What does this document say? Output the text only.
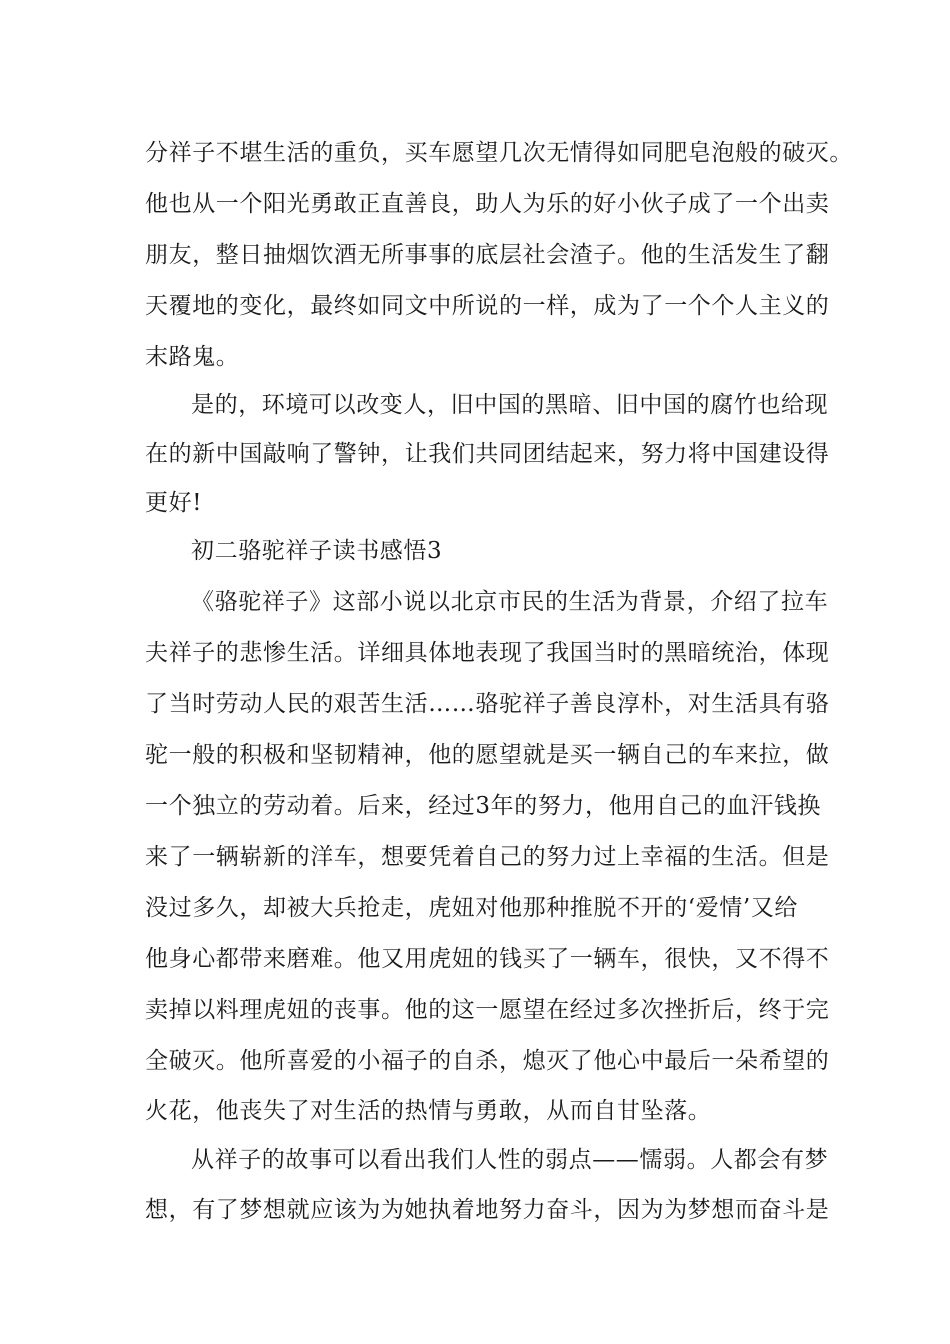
分祥子不堪生活的重负，买车愿望几次无情得如同肥皂泡般的破灭。
他也从一个阳光勇敢正直善良，助人为乐的好小伙子成了一个出卖
朋友，整日抽烟饮酒无所事事的底层社会渣子。他的生活发生了翻
天覆地的变化，最终如同文中所说的一样，成为了一个个人主义的
末路鬼。
是的，环境可以改变人，旧中国的黑暗、旧中国的腐竹也给现
在的新中国敲响了警钟，让我们共同团结起来，努力将中国建设得
更好!
初二骆驼祥子读书感悟3
《骆驼祥子》这部小说以北京市民的生活为背景，介绍了拉车
夫祥子的悲惨生活。详细具体地表现了我国当时的黑暗统治，体现
了当时劳动人民的艰苦生活……骆驼祥子善良淳朴，对生活具有骆
驼一般的积极和坚韧精神，他的愿望就是买一辆自己的车来拉，做
一个独立的劳动着。后来，经过3年的努力，他用自己的血汗钱换
来了一辆崭新的洋车，想要凭着自己的努力过上幸福的生活。但是
没过多久，却被大兵抢走，虎妞对他那种推脱不开的‘爱情’又给
他身心都带来磨难。他又用虎妞的钱买了一辆车，很快，又不得不
卖掉以料理虎妞的丧事。他的这一愿望在经过多次挫折后，终于完
全破灭。他所喜爱的小福子的自杀，熄灭了他心中最后一朵希望的
火花，他丧失了对生活的热情与勇敢，从而自甘坠落。
从祥子的故事可以看出我们人性的弱点——懦弱。人都会有梦
想，有了梦想就应该为为她执着地努力奋斗，因为为梦想而奋斗是
